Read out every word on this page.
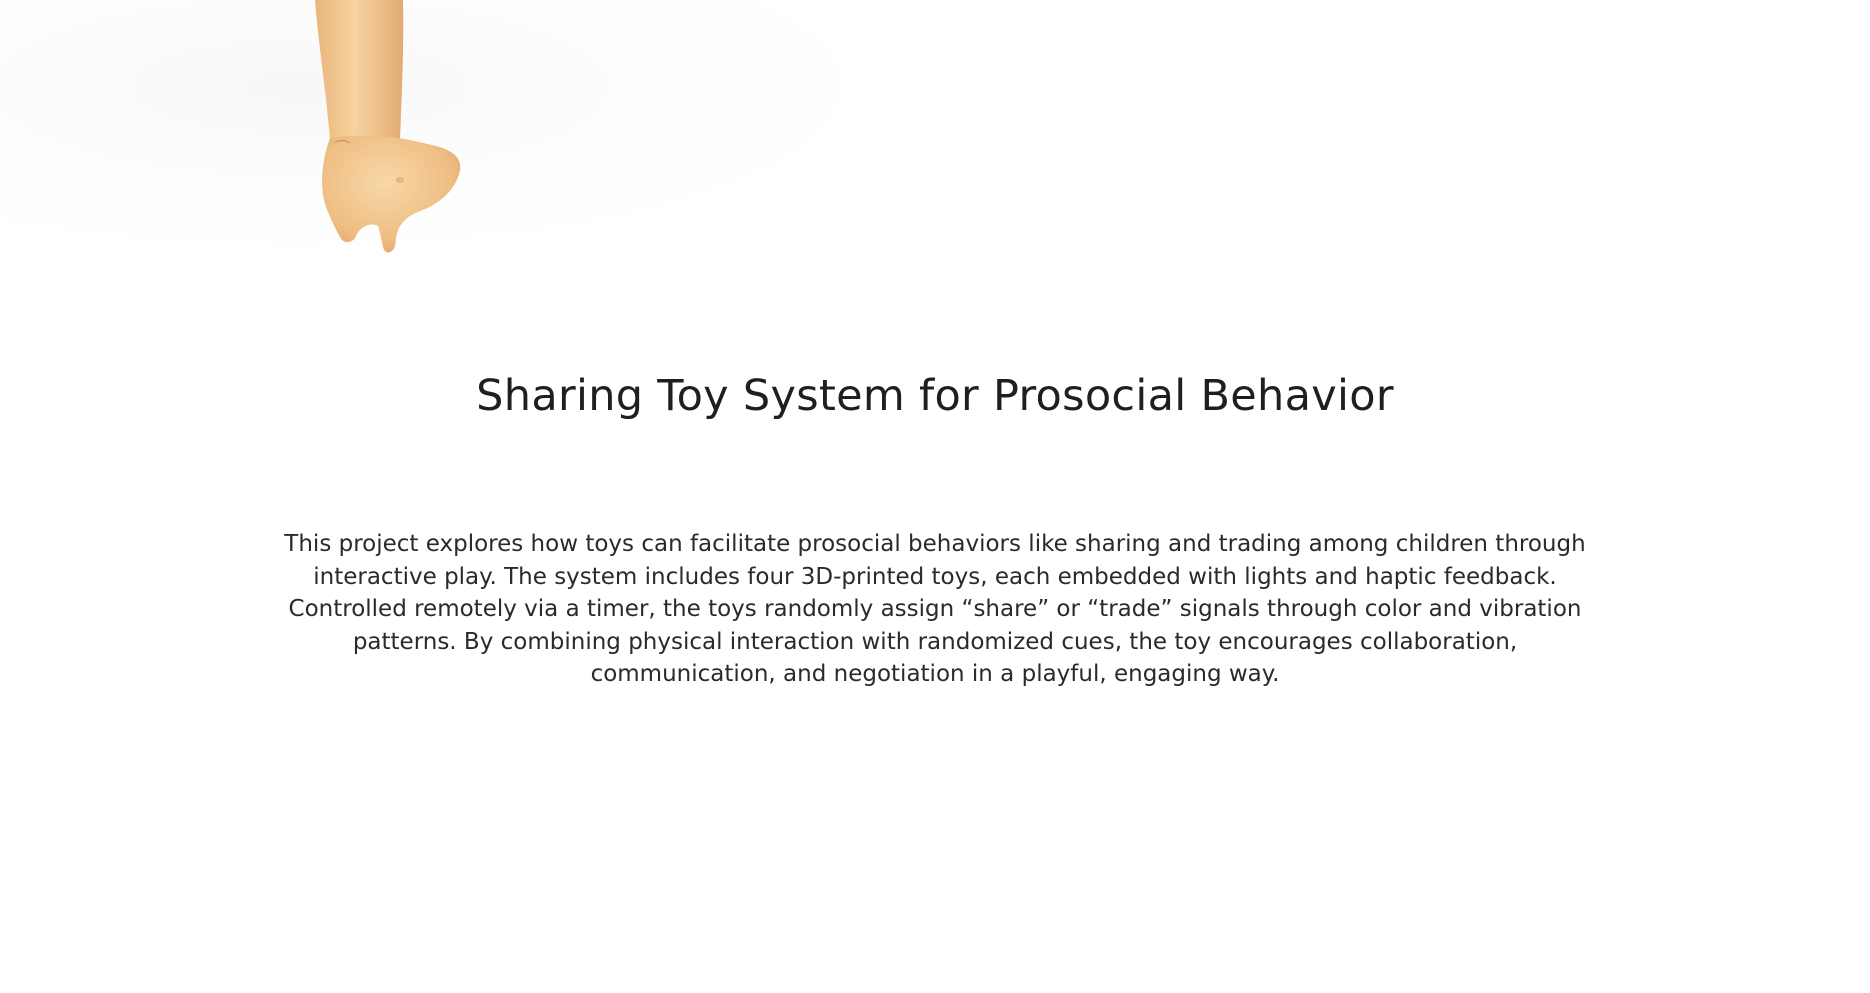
Sharing Toy System for Prosocial Behavior

This project explores how toys can facilitate prosocial behaviors like sharing and trading among children through interactive play. The system includes four 3D-printed toys, each embedded with lights and haptic feedback. Controlled remotely via a timer, the toys randomly assign “share” or “trade” signals through color and vibration patterns. By combining physical interaction with randomized cues, the toy encourages collaboration, communication, and negotiation in a playful, engaging way.
